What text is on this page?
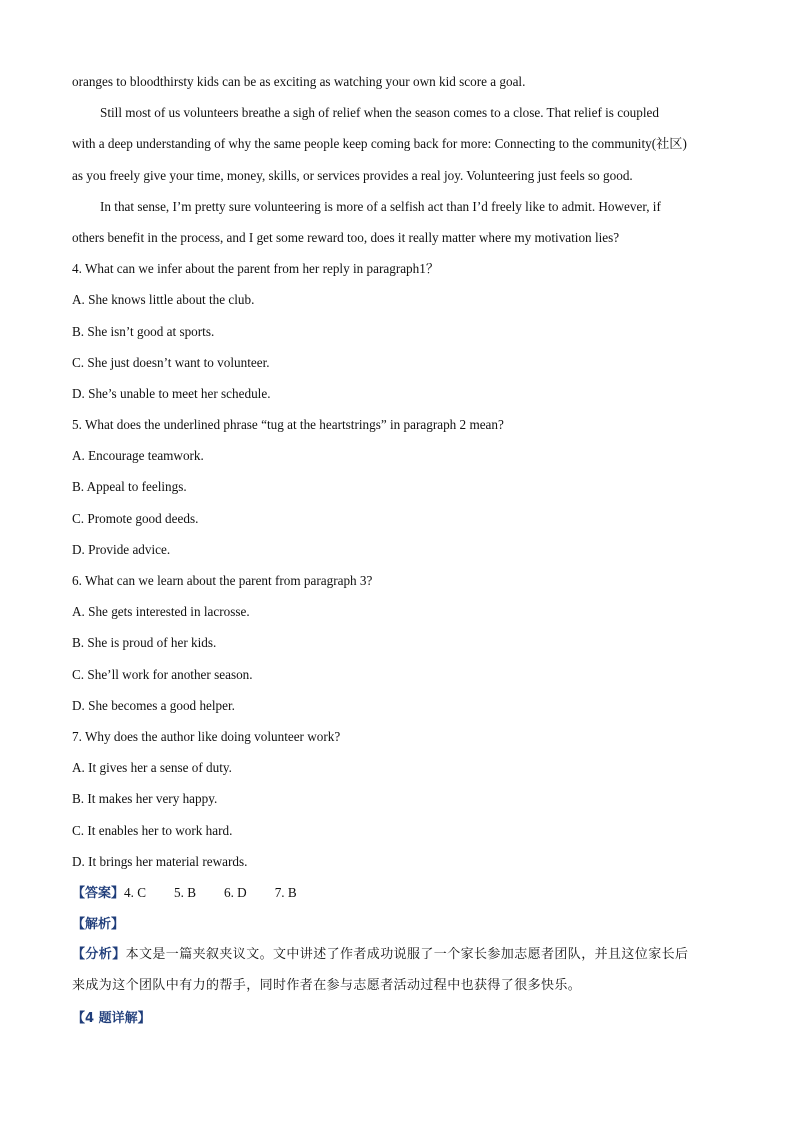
oranges to bloodthirsty kids can be as exciting as watching your own kid score a goal.
Still most of us volunteers breathe a sigh of relief when the season comes to a close. That relief is coupled
with a deep understanding of why the same people keep coming back for more: Connecting to the community(社区)
as you freely give your time, money, skills, or services provides a real joy. Volunteering just feels so good.
In that sense, I’m pretty sure volunteering is more of a selfish act than I’d freely like to admit. However, if
others benefit in the process, and I get some reward too, does it really matter where my motivation lies?
4. What can we infer about the parent from her reply in paragraph1？
A. She knows little about the club.
B. She isn’t good at sports.
C. She just doesn’t want to volunteer.
D. She’s unable to meet her schedule.
5. What does the underlined phrase “tug at the heartstrings” in paragraph 2 mean?
A. Encourage teamwork.
B. Appeal to feelings.
C. Promote good deeds.
D. Provide advice.
6. What can we learn about the parent from paragraph 3?
A. She gets interested in lacrosse.
B. She is proud of her kids.
C. She’ll work for another season.
D. She becomes a good helper.
7. Why does the author like doing volunteer work?
A. It gives her a sense of duty.
B. It makes her very happy.
C. It enables her to work hard.
D. It brings her material rewards.
【答案】4. C 5. B 6. D 7. B
【解析】
【分析】本文是一篇夹叙夹议文。文中讲述了作者成功说服了一个家长参加志愿者团队，并且这位家长后
来成为这个团队中有力的帮手，同时作者在参与志愿者活动过程中也获得了很多快乐。
【4 题详解】
